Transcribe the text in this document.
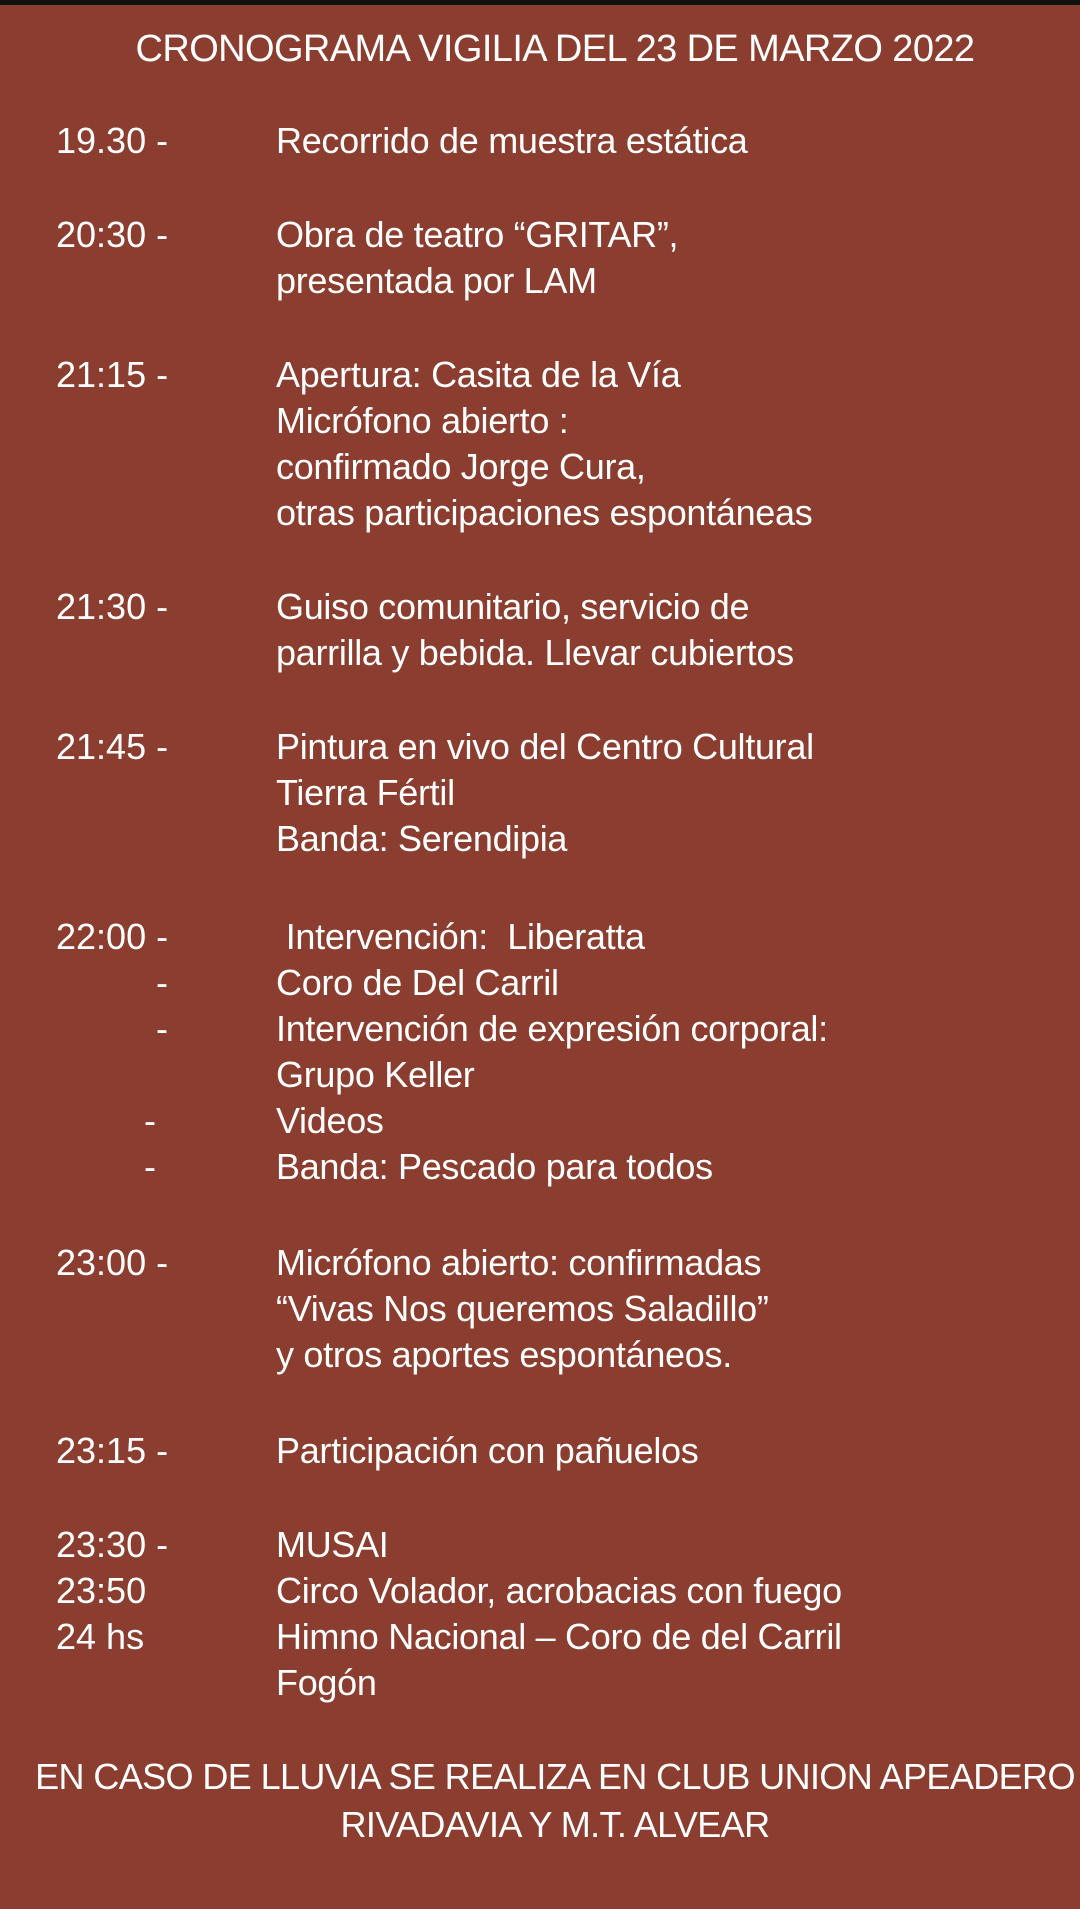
CRONOGRAMA VIGILIA DEL 23 DE MARZO 2022
19.30 -	Recorrido de muestra estática
20:30 -	Obra de teatro “GRITAR”,
presentada por LAM
21:15 -	Apertura: Casita de la Vía
Micrófono abierto :
confirmado Jorge Cura,
otras participaciones espontáneas
21:30 -	Guiso comunitario, servicio de
parrilla y bebida. Llevar cubiertos
21:45 -	Pintura en vivo del Centro Cultural
Tierra Fértil
Banda: Serendipia
22:00 -	Intervención:  Liberatta
-	Coro de Del Carril
-	Intervención de expresión corporal:
Grupo Keller
-	Videos
-	Banda: Pescado para todos
23:00 -	Micrófono abierto: confirmadas
“Vivas Nos queremos Saladillo”
y otros aportes espontáneos.
23:15 -	Participación con pañuelos
23:30 -	MUSAI
23:50	Circo Volador, acrobacias con fuego
24 hs	Himno Nacional – Coro de del Carril
Fogón
EN CASO DE LLUVIA SE REALIZA EN CLUB UNION APEADERO
RIVADAVIA Y M.T. ALVEAR
